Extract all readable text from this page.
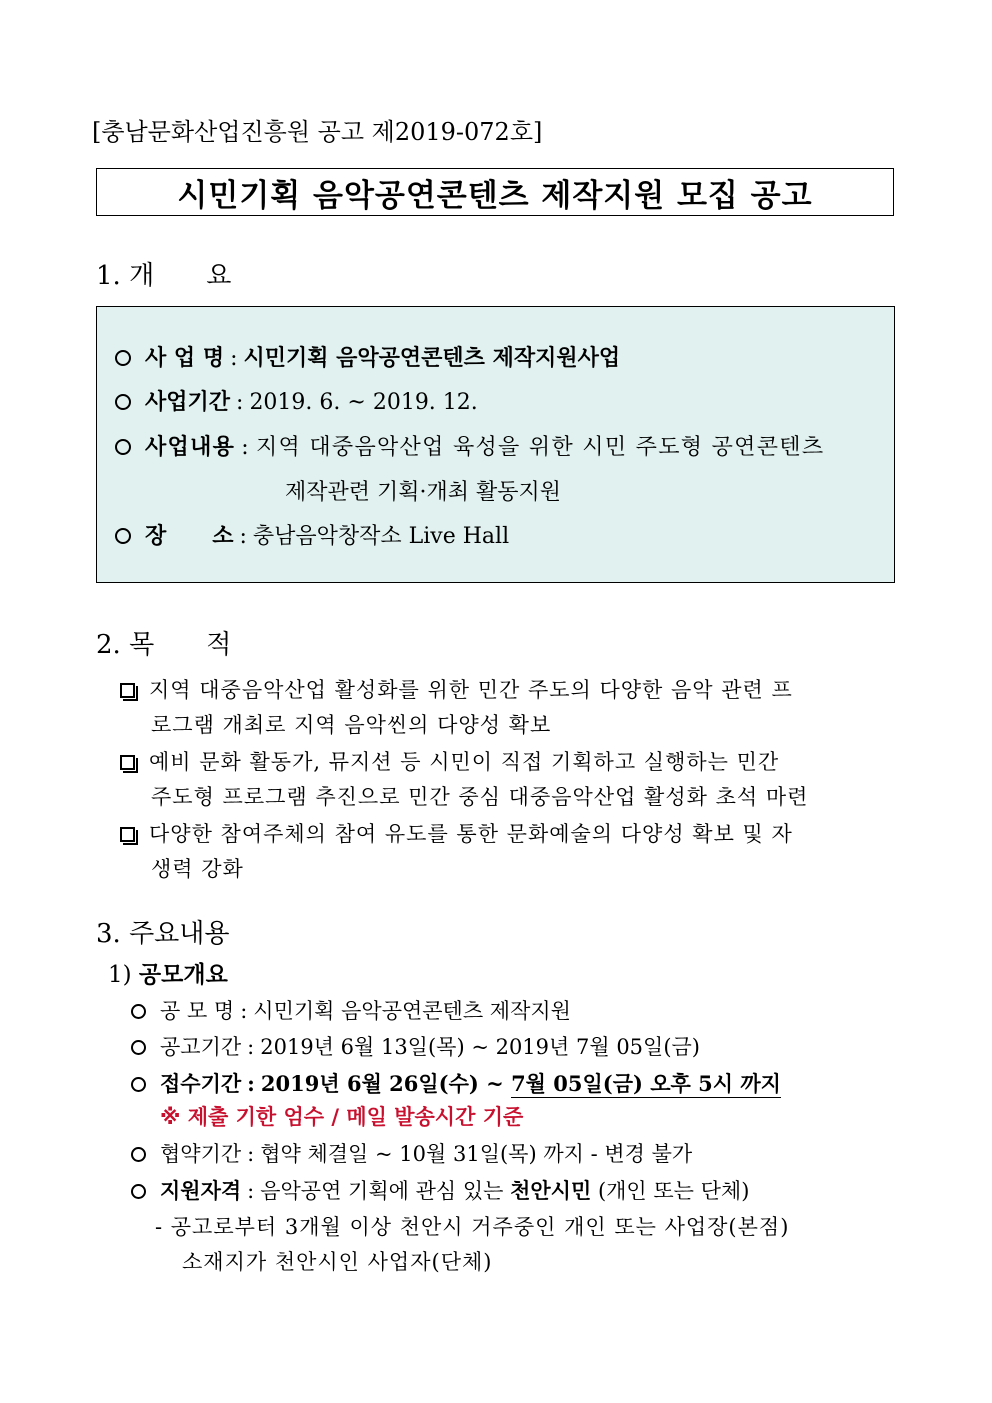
[충남문화산업진흥원 공고 제2019-072호]
시민기획 음악공연콘텐츠 제작지원 모집 공고
1. 개 요
사 업 명 : 시민기획 음악공연콘텐츠 제작지원사업
사업기간 : 2019. 6. ~ 2019. 12.
사업내용 : 지역 대중음악산업 육성을 위한 시민 주도형 공연콘텐츠
제작관련 기획·개최 활동지원
장      소 : 충남음악창작소 Live Hall
2. 목 적
지역 대중음악산업 활성화를 위한 민간 주도의 다양한 음악 관련 프
로그램 개최로 지역 음악씬의 다양성 확보
예비 문화 활동가, 뮤지션 등 시민이 직접 기획하고 실행하는 민간
주도형 프로그램 추진으로 민간 중심 대중음악산업 활성화 초석 마련
다양한 참여주체의 참여 유도를 통한 문화예술의 다양성 확보 및 자
생력 강화
3. 주요내용
1) 공모개요
공 모 명 : 시민기획 음악공연콘텐츠 제작지원
공고기간 : 2019년 6월 13일(목) ~ 2019년 7월 05일(금)
접수기간 : 2019년 6월 26일(수) ~ 7월 05일(금) 오후 5시 까지
※ 제출 기한 엄수 / 메일 발송시간 기준
협약기간 : 협약 체결일 ~ 10월 31일(목) 까지 - 변경 불가
지원자격 : 음악공연 기획에 관심 있는 천안시민 (개인 또는 단체)
- 공고로부터 3개월 이상 천안시 거주중인 개인 또는 사업장(본점)
소재지가 천안시인 사업자(단체)
